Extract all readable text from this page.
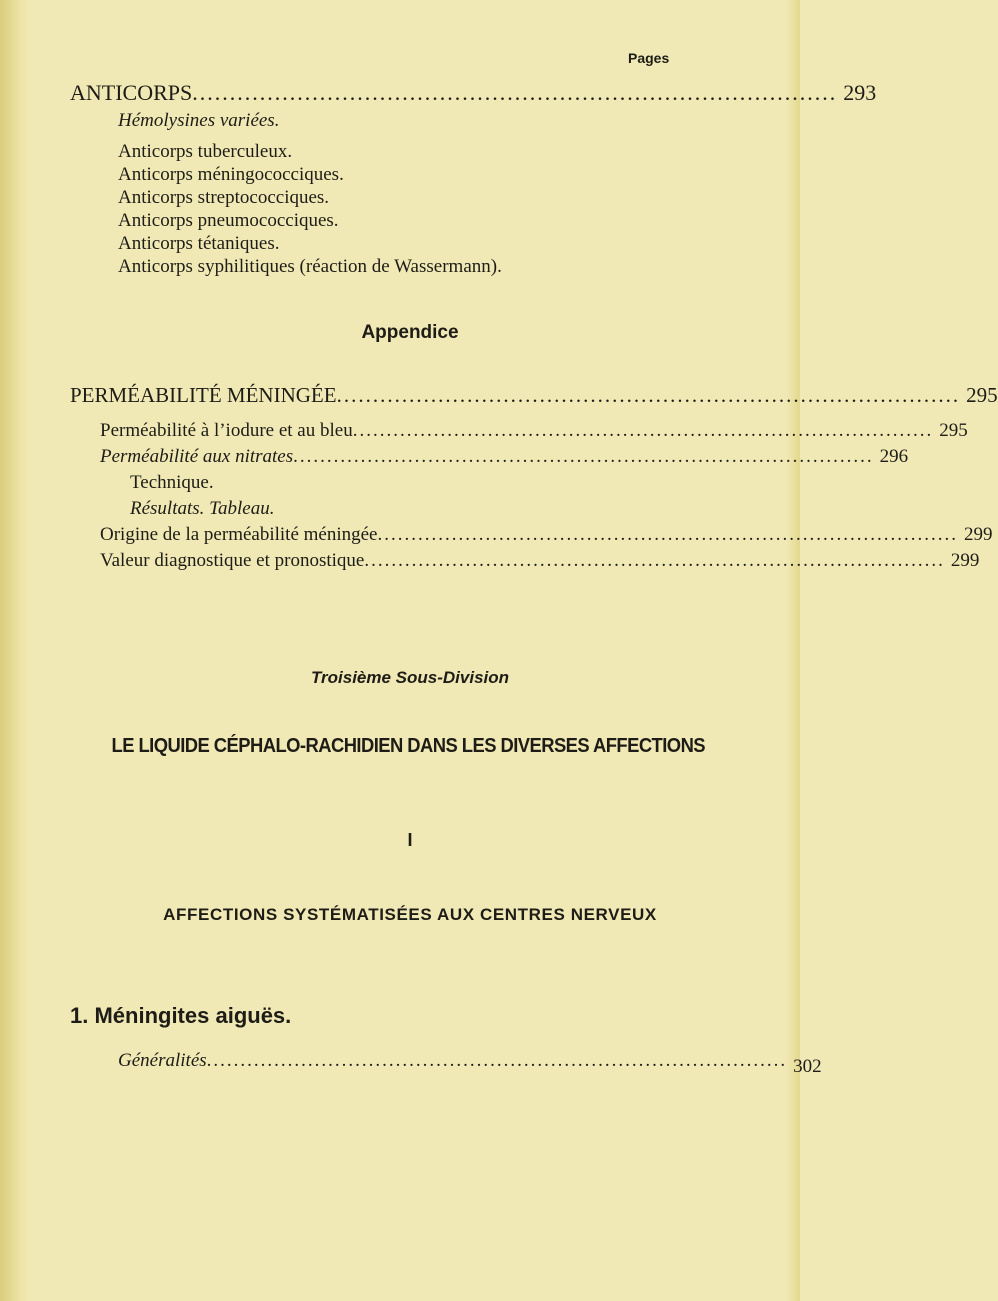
Pages
ANTICORPS ...................................................................................... 293
Hémolysines variées.
Anticorps tuberculeux.
Anticorps méningococciques.
Anticorps streptococciques.
Anticorps pneumococciques.
Anticorps tétaniques.
Anticorps syphilitiques (réaction de Wassermann).
Appendice
PERMÉABILITÉ MÉNINGÉE ...................................................................................... 295
Perméabilité à l’iodure et au bleu ...................................................................................... 295
Perméabilité aux nitrates ...................................................................................... 296
Technique.
Résultats. Tableau.
Origine de la perméabilité méningée ...................................................................................... 299
Valeur diagnostique et pronostique ...................................................................................... 299
Troisième Sous-Division
LE LIQUIDE CÉPHALO-RACHIDIEN DANS LES DIVERSES AFFECTIONS
I
AFFECTIONS SYSTÉMATISÉES AUX CENTRES NERVEUX
1. Méningites aiguës.
Généralités ...................................................................................... 302
